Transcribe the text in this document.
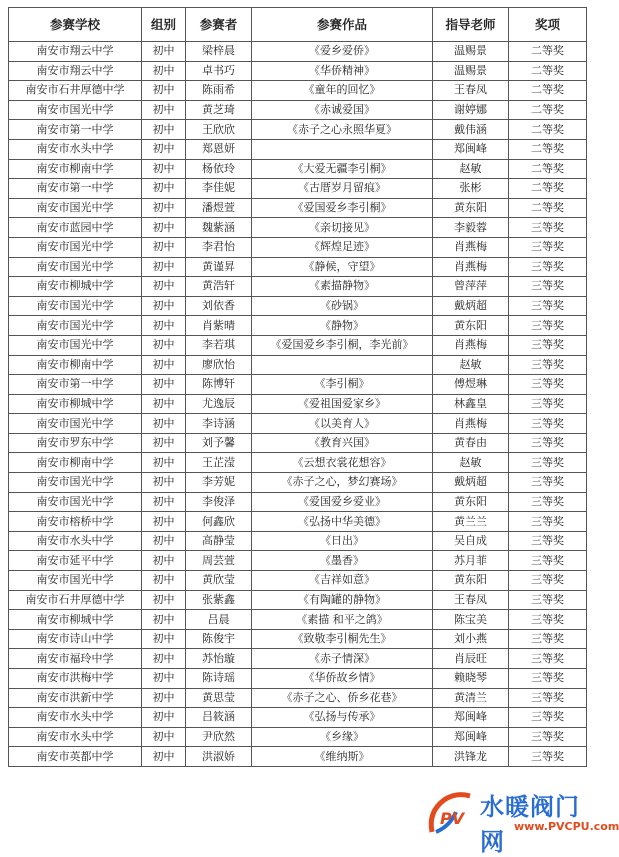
参赛学校	组别	参赛者	参赛作品	指导老师	奖项
南安市翔云中学	初中	梁梓晨	《爱乡爱侨》	温赐景	二等奖
南安市翔云中学	初中	卓书巧	《华侨精神》	温赐景	二等奖
南安市石井厚德中学	初中	陈雨希	《童年的回忆》	王春凤	二等奖
南安市国光中学	初中	黄芝琦	《赤诚爱国》	谢婷娜	二等奖
南安市第一中学	初中	王欣欣	《赤子之心永照华夏》	戴伟涵	二等奖
南安市水头中学	初中	郑恩妍		郑闽峰	二等奖
南安市柳南中学	初中	杨依玲	《大爱无疆李引桐》	赵敏	二等奖
南安市第一中学	初中	李佳妮	《古厝岁月留痕》	张彬	二等奖
南安市国光中学	初中	潘煜萱	《爱国爱乡李引桐》	黄东阳	二等奖
南安市蓝园中学	初中	魏紫涵	《亲切接见》	李毅蓉	三等奖
南安市国光中学	初中	李君怡	《辉煌足迹》	肖燕梅	三等奖
南安市国光中学	初中	黄谨昇	《静候，守望》	肖燕梅	三等奖
南安市柳城中学	初中	黄浩轩	《素描静物》	曾萍萍	三等奖
南安市国光中学	初中	刘依香	《砂锅》	戴炳超	三等奖
南安市国光中学	初中	肖紫晴	《静物》	黄东阳	三等奖
南安市国光中学	初中	李若琪	《爱国爱乡李引桐，李光前》	肖燕梅	三等奖
南安市柳南中学	初中	廖欣怡		赵敏	三等奖
南安市第一中学	初中	陈博轩	《李引桐》	傅煜琳	三等奖
南安市柳城中学	初中	尤逸辰	《爱祖国爱家乡》	林鑫皇	三等奖
南安市国光中学	初中	李诗涵	《以美育人》	肖燕梅	三等奖
南安市罗东中学	初中	刘予馨	《教育兴国》	黄春由	三等奖
南安市柳南中学	初中	王芷滢	《云想衣裳花想容》	赵敏	三等奖
南安市国光中学	初中	李芳妮	《赤子之心，梦幻赛场》	戴炳超	三等奖
南安市国光中学	初中	李俊泽	《爱国爱乡爱业》	黄东阳	三等奖
南安市榕桥中学	初中	何鑫欣	《弘扬中华美德》	黄兰兰	三等奖
南安市水头中学	初中	高静莹	《日出》	吴自成	三等奖
南安市延平中学	初中	周芸萱	《墨香》	苏月菲	三等奖
南安市国光中学	初中	黄欣莹	《吉祥如意》	黄东阳	三等奖
南安市石井厚德中学	初中	张紫鑫	《有陶罐的静物》	王春凤	三等奖
南安市柳城中学	初中	吕晨	《素描 和平之鸽》	陈宝美	三等奖
南安市诗山中学	初中	陈俊宇	《致敬李引桐先生》	刘小燕	三等奖
南安市福玲中学	初中	苏怡璇	《赤子情深》	肖辰旺	三等奖
南安市洪梅中学	初中	陈诗瑶	《华侨故乡情》	赖晓琴	三等奖
南安市洪新中学	初中	黄思莹	《赤子之心、侨乡花巷》	黄清兰	三等奖
南安市水头中学	初中	吕筱涵	《弘扬与传承》	郑闽峰	三等奖
南安市水头中学	初中	尹欣然	《乡缘》	郑闽峰	三等奖
南安市英都中学	初中	洪淑娇	《维纳斯》	洪锋龙	三等奖
PV 水暖阀门网
www.PVCPU.com
